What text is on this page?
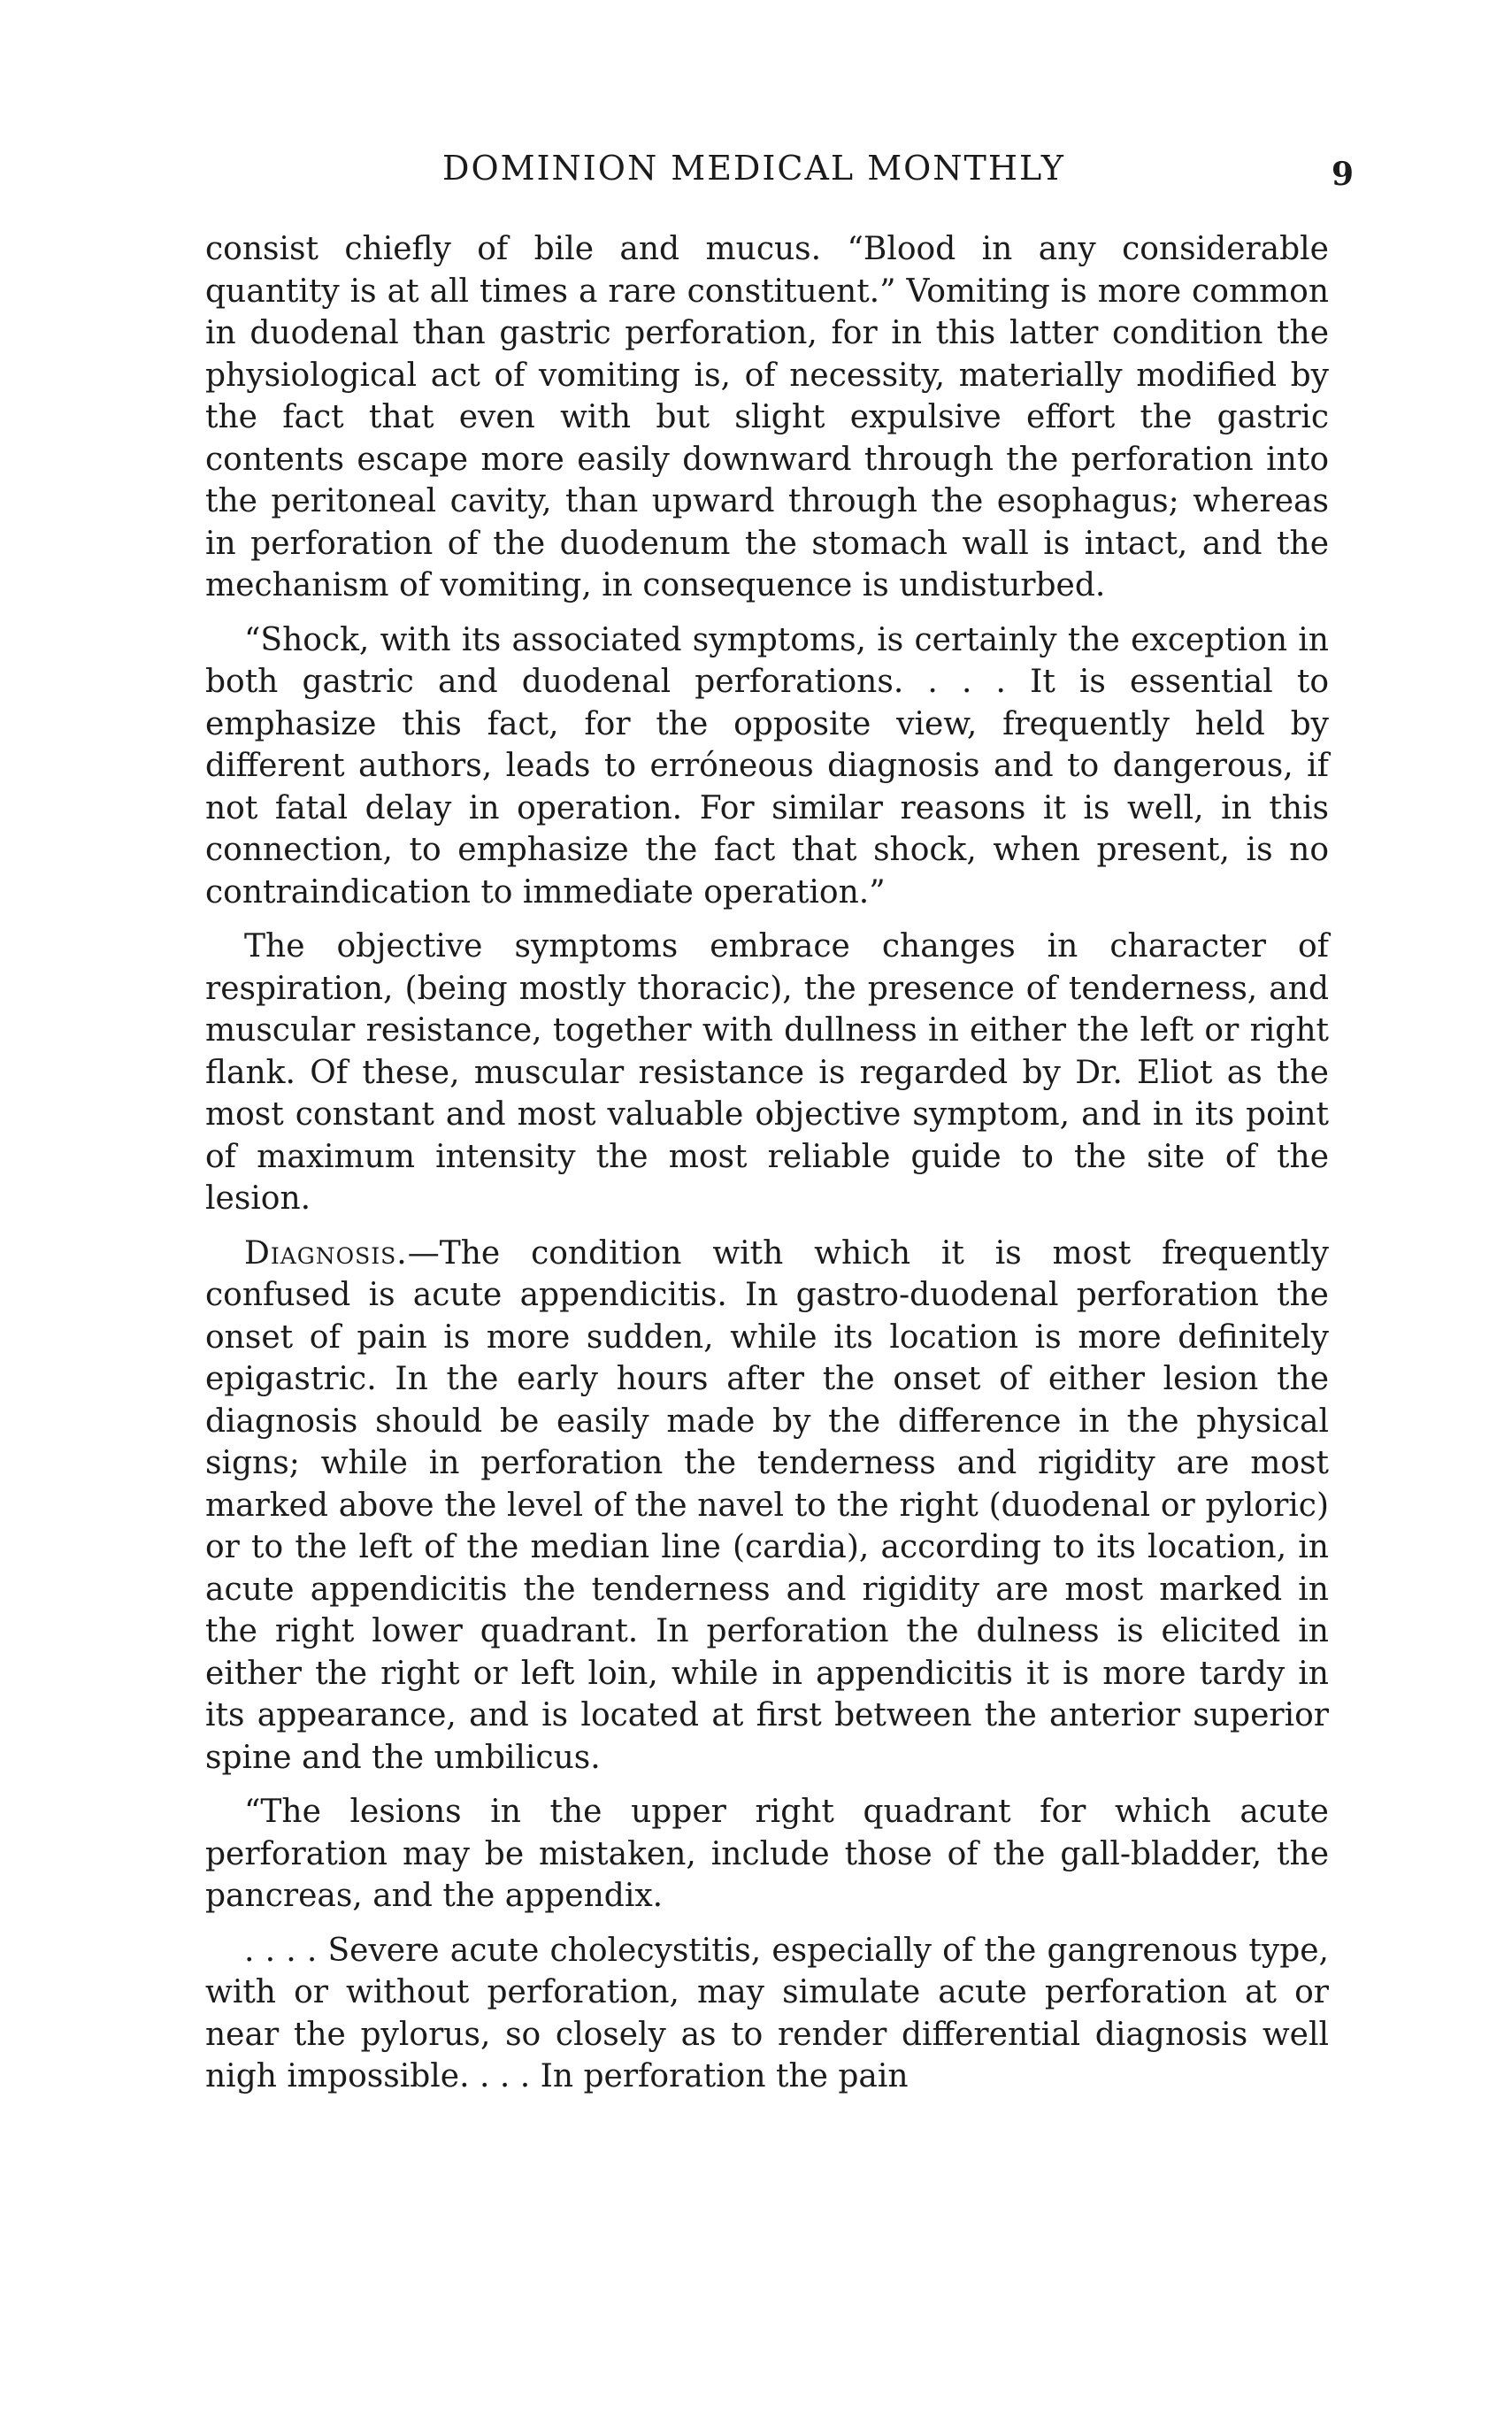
DOMINION MEDICAL MONTHLY	9

consist chiefly of bile and mucus. “Blood in any considerable quantity is at all times a rare constituent.” Vomiting is more common in duodenal than gastric perforation, for in this latter condition the physiological act of vomiting is, of necessity, materially modified by the fact that even with but slight expulsive effort the gastric contents escape more easily downward through the perforation into the peritoneal cavity, than upward through the esophagus; whereas in perforation of the duodenum the stomach wall is intact, and the mechanism of vomiting, in consequence is undisturbed.

“Shock, with its associated symptoms, is certainly the exception in both gastric and duodenal perforations. . . . It is essential to emphasize this fact, for the opposite view, frequently held by different authors, leads to erróneous diagnosis and to dangerous, if not fatal delay in operation. For similar reasons it is well, in this connection, to emphasize the fact that shock, when present, is no contraindication to immediate operation.”

The objective symptoms embrace changes in character of respiration, (being mostly thoracic), the presence of tenderness, and muscular resistance, together with dullness in either the left or right flank. Of these, muscular resistance is regarded by Dr. Eliot as the most constant and most valuable objective symptom, and in its point of maximum intensity the most reliable guide to the site of the lesion.

Diagnosis.—The condition with which it is most frequently confused is acute appendicitis. In gastro-duodenal perforation the onset of pain is more sudden, while its location is more definitely epigastric. In the early hours after the onset of either lesion the diagnosis should be easily made by the difference in the physical signs; while in perforation the tenderness and rigidity are most marked above the level of the navel to the right (duodenal or pyloric) or to the left of the median line (cardia), according to its location, in acute appendicitis the tenderness and rigidity are most marked in the right lower quadrant. In perforation the dulness is elicited in either the right or left loin, while in appendicitis it is more tardy in its appearance, and is located at first between the anterior superior spine and the umbilicus.

“The lesions in the upper right quadrant for which acute perforation may be mistaken, include those of the gall-bladder, the pancreas, and the appendix.

. . . . Severe acute cholecystitis, especially of the gangrenous type, with or without perforation, may simulate acute perforation at or near the pylorus, so closely as to render differential diagnosis well nigh impossible. . . . In perforation the pain
